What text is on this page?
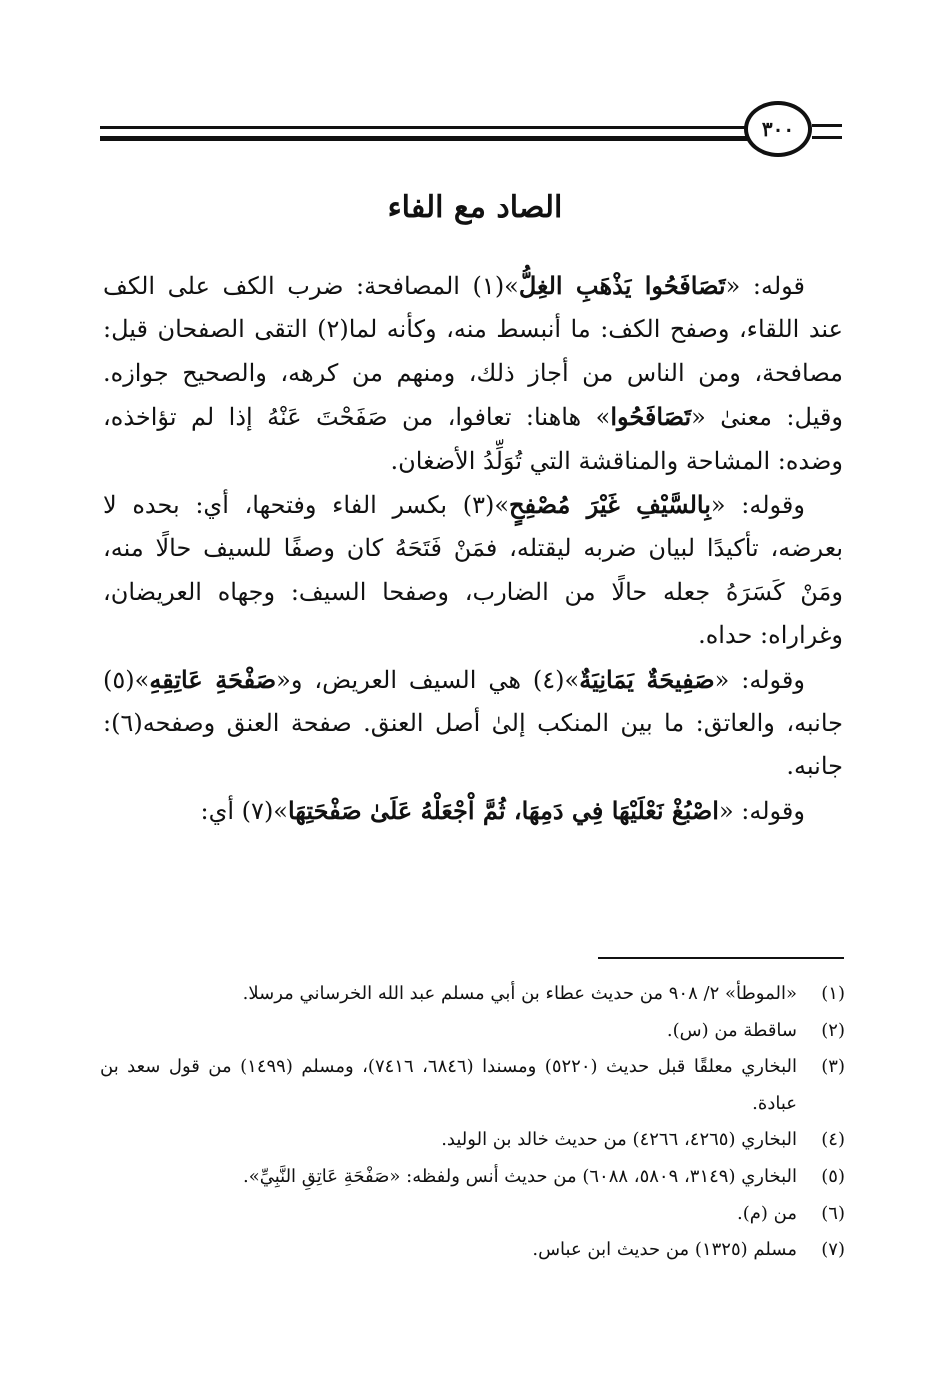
٣٠٠
الصاد مع الفاء

قوله: «تَصَافَحُوا يَذْهَبِ الغِلُّ»(١) المصافحة: ضرب الكف على الكف عند اللقاء، وصفح الكف: ما أنبسط منه، وكأنه لما(٢) التقى الصفحان قيل: مصافحة، ومن الناس من أجاز ذلك، ومنهم من كرهه، والصحيح جوازه. وقيل: معنىٰ «تَصَافَحُوا» هاهنا: تعافوا، من صَفَحْتَ عَنْهُ إذا لم تؤاخذه، وضده: المشاحة والمناقشة التي تُوَلِّدُ الأضغان.

وقوله: «بِالسَّيْفِ غَيْرَ مُصْفِحٍ»(٣) بكسر الفاء وفتحها، أي: بحده لا بعرضه، تأكيدًا لبيان ضربه ليقتله، فمَنْ فَتَحَهُ كان وصفًا للسيف حالًا منه، ومَنْ كَسَرَهُ جعله حالًا من الضارب، وصفحا السيف: وجهاه العريضان، وغراراه: حداه.

وقوله: «صَفِيحَةٌ يَمَانِيَةٌ»(٤) هي السيف العريض، و«صَفْحَةِ عَاتِقِهِ»(٥) جانبه، والعاتق: ما بين المنكب إلىٰ أصل العنق. صفحة العنق وصفحه(٦): جانبه.

وقوله: «اصْبُغْ نَعْلَيْهَا فِي دَمِهَا، ثُمَّ اْجْعَلْهُ عَلَىٰ صَفْحَتِهَا»(٧) أي:

(١)
«الموطأ» ٢/ ٩٠٨ من حديث عطاء بن أبي مسلم عبد الله الخرساني مرسلا.
(٢)
ساقطة من (س).
(٣)
البخاري معلقًا قبل حديث (٥٢٢٠) ومسندا (٦٨٤٦، ٧٤١٦)، ومسلم (١٤٩٩) من قول سعد بن عبادة.
(٤)
البخاري (٤٢٦٥، ٤٢٦٦) من حديث خالد بن الوليد.
(٥)
البخاري (٣١٤٩، ٥٨٠٩، ٦٠٨٨) من حديث أنس ولفظه: «صَفْحَةِ عَاتِقِ النَّبِيِّ».
(٦)
من (م).
(٧)
مسلم (١٣٢٥) من حديث ابن عباس.
